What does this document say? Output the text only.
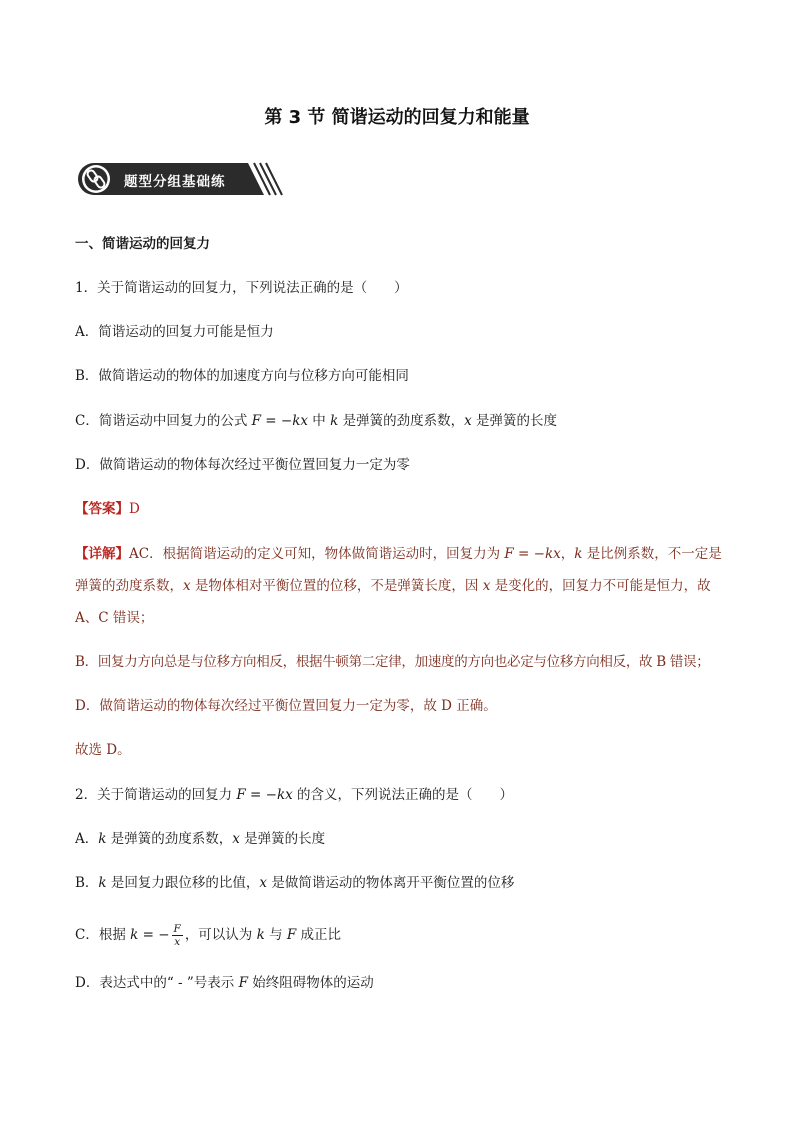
第 3 节 简谐运动的回复力和能量
题型分组基础练
一、简谐运动的回复力
1．关于简谐运动的回复力，下列说法正确的是（　　）
A．简谐运动的回复力可能是恒力
B．做简谐运动的物体的加速度方向与位移方向可能相同
C．简谐运动中回复力的公式 F = −kx 中 k 是弹簧的劲度系数，x 是弹簧的长度
D．做简谐运动的物体每次经过平衡位置回复力一定为零
【答案】D
【详解】AC．根据简谐运动的定义可知，物体做简谐运动时，回复力为 F = −kx，k 是比例系数，不一定是
弹簧的劲度系数，x 是物体相对平衡位置的位移，不是弹簧长度，因 x 是变化的，回复力不可能是恒力，故
A、C 错误；
B．回复力方向总是与位移方向相反，根据牛顿第二定律，加速度的方向也必定与位移方向相反，故 B 错误；
D．做简谐运动的物体每次经过平衡位置回复力一定为零，故 D 正确。
故选 D。
2．关于简谐运动的回复力 F = −kx 的含义，下列说法正确的是（　　）
A．k 是弹簧的劲度系数，x 是弹簧的长度
B．k 是回复力跟位移的比值，x 是做简谐运动的物体离开平衡位置的位移
C．根据 k = − $\frac{F}{x}$ ，可以认为 k 与 F 成正比
D．表达式中的“ - ”号表示 F 始终阻碍物体的运动
